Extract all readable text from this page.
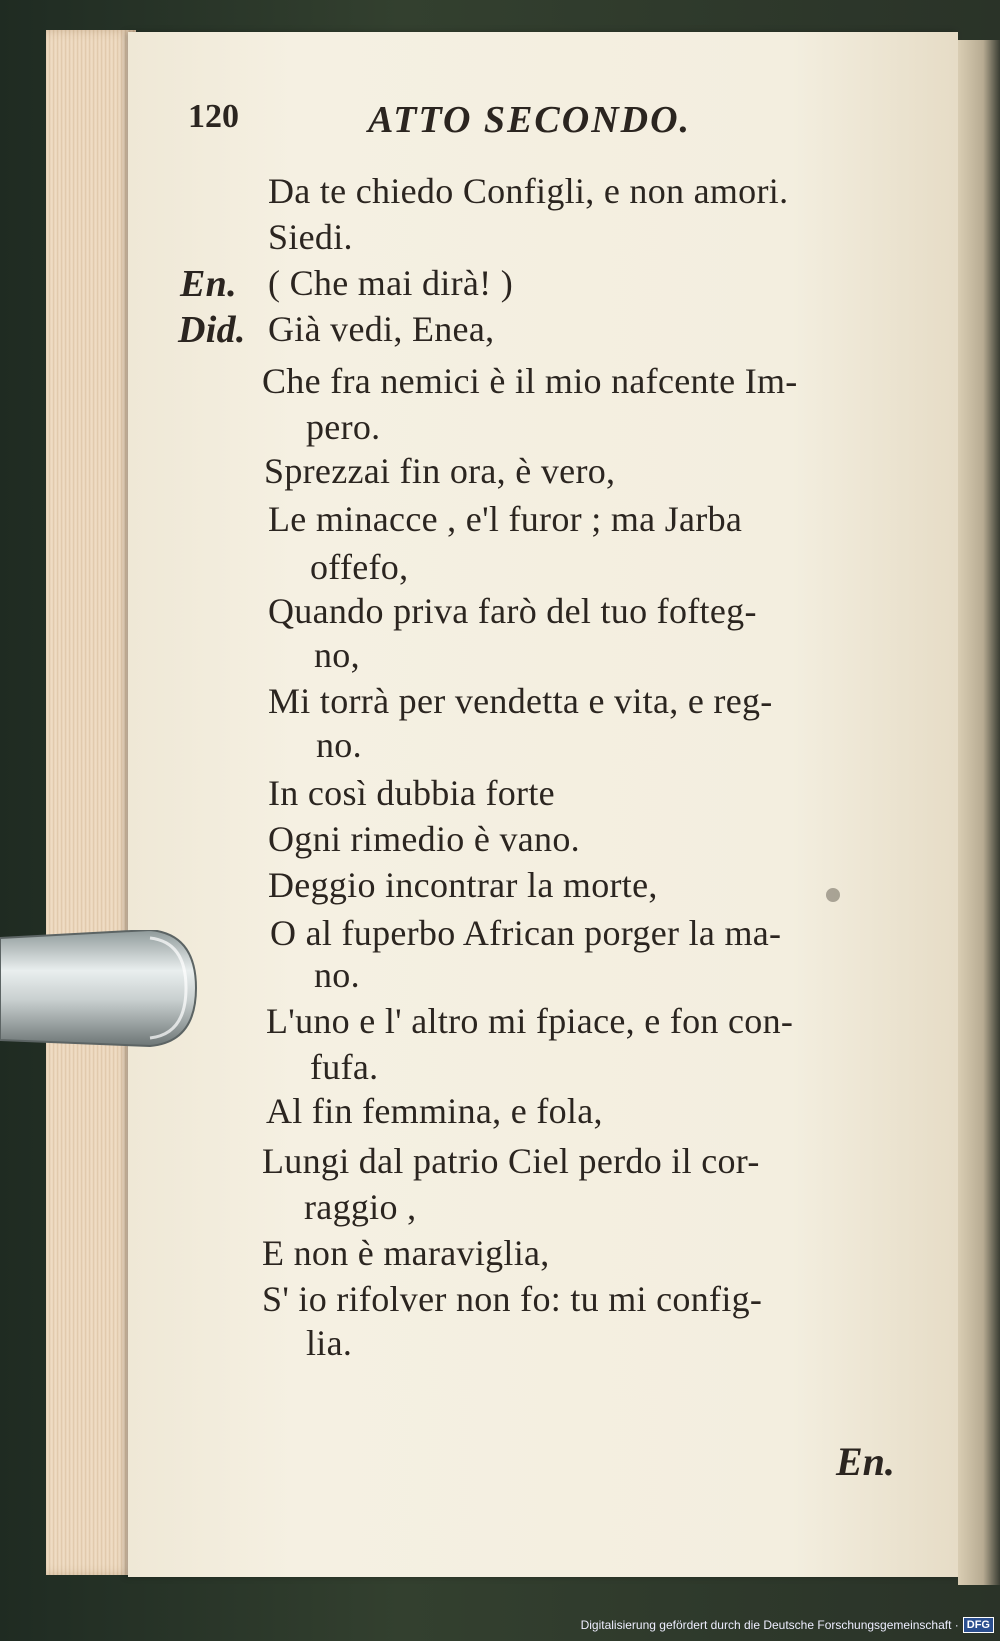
120	ATTO SECONDO.
Da te chiedo Configli, e non amori.
Siedi.
En. ( Che mai dirà! )
Did. Già vedi, Enea,
Che fra nemici è il mio nafcente Im-
pero.
Sprezzai fin ora, è vero,
Le minacce , e'l furor ; ma Jarba
offefo,
Quando priva farò del tuo fofteg-
no,
Mi torrà per vendetta e vita, e reg-
no.
In così dubbia forte
Ogni rimedio è vano.
Deggio incontrar la morte,
O al fuperbo African porger la ma-
no.
L'uno e l' altro mi fpiace, e fon con-
fufa.
Al fin femmina, e fola,
Lungi dal patrio Ciel perdo il cor-
raggio ,
E non è maraviglia,
S' io rifolver non fo: tu mi config-
lia.
En.
Digitalisierung gefördert durch die Deutsche Forschungsgemeinschaft · DFG
